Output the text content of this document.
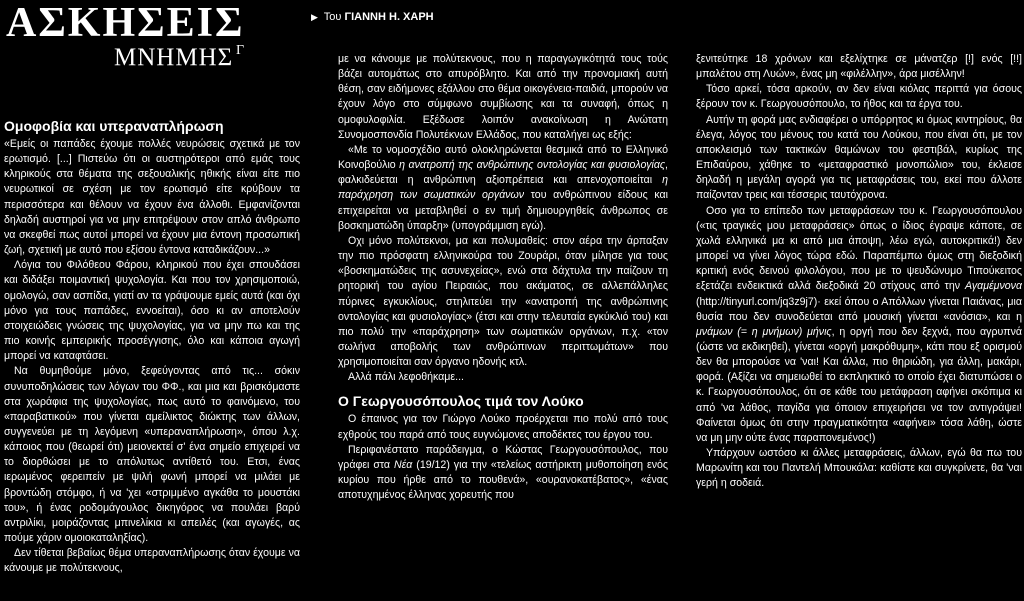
ΑΣΚΗΣΕΙΣ
ΜΝΗΜΗΣ Γ
▶ Του ΓΙΑΝΝΗ Η. ΧΑΡΗ
Ομοφοβία και υπεραναπλήρωση

«Εμείς οι παπάδες έχουμε πολλές νευρώσεις σχετικά με τον ερωτισμό. [...] Πιστεύω ότι οι αυστηρότεροι από εμάς τους κληρικούς στα θέματα της σεξουαλικής ηθικής είναι είτε πιο νευρωτικοί σε σχέση με τον ερωτισμό είτε κρύβουν τα περισσότερα και θέλουν να έχουν ένα άλλοθι. Εμφανίζονται δηλαδή αυστηροί για να μην επιτρέψουν στον απλό άνθρωπο να σκεφθεί πως αυτοί μπορεί να έχουν μια έντονη προσωπική ζωή, σχετική με αυτό που εξίσου έντονα καταδικάζουν...»

Λόγια του Φιλόθεου Φάρου, κληρικού που έχει σπουδάσει και διδάξει ποιμαντική ψυχολογία. Και που τον χρησιμοποιώ, ομολογώ, σαν ασπίδα, γιατί αν τα γράψουμε εμείς αυτά (και όχι μόνο για τους παπάδες, εννοείται), όσο κι αν αποτελούν στοιχειώδεις γνώσεις της ψυχολογίας, για να μην πω και της πιο κοινής εμπειρικής προσέγγισης, όλο και κάποια αγωγή μπορεί να καταφτάσει.

Να θυμηθούμε μόνο, ξεφεύγοντας από τις... σόκιν συνυποδηλώσεις των λόγων του ΦΦ., και μια και βρισκόμαστε στα χωράφια της ψυχολογίας, πως αυτό το φαινόμενο, του «παραβατικού» που γίνεται αμείλικτος διώκτης των άλλων, συγγενεύει με τη λεγόμενη «υπεραναπλήρωση», όπου λ.χ. κάποιος που (θεωρεί ότι) μειονεκτεί σ' ένα σημείο επιχειρεί να το διορθώσει με το απόλυτως αντίθετό του. Ετσι, ένας ιερωμένος φερειπείν με ψιλή φωνή μπορεί να μιλάει με βροντώδη στόμφο, ή να 'χει «στριμμένο αγκάθα το μουστάκι του», ή ένας ροδομάγουλος δικηγόρος να πουλάει βαρύ αντριλίκι, μοιράζοντας μπινελίκια κι απειλές (και αγωγές, ας πούμε χάριν ομοιοκαταληξίας).

Δεν τίθεται βεβαίως θέμα υπεραναπλήρωσης όταν έχουμε να κάνουμε με πολύτεκνους,

με να κάνουμε με πολύτεκνους, που η παραγωγικότητά τους τούς βάζει αυτομάτως στο απυρόβλητο. Και από την προνομιακή αυτή θέση, σαν ειδήμονες εξάλλου στο θέμα οικογένεια-παιδιά, μπορούν να έχουν λόγο στο σύμφωνο συμβίωσης και τα συναφή, όπως η ομοφυλοφιλία. Εξέδωσε λοιπόν ανακοίνωση η Ανώτατη Συνομοσπονδία Πολυτέκνων Ελλάδος, που καταλήγει ως εξής:

«Με το νομοσχέδιο αυτό ολοκληρώνεται θεσμικά από το Ελληνικό Κοινοβούλιο η ανατροπή της ανθρώπινης οντολογίας και φυσιολογίας, φαλκιδεύεται η ανθρώπινη αξιοπρέπεια και απενοχοποιείται η παράχρηση των σωματικών οργάνων του ανθρώπινου είδους και επιχειρείται να μεταβληθεί ο εν τιμή δημιουργηθείς άνθρωπος σε βοσκηματώδη ύπαρξη» (υπογράμμιση εγώ).

Οχι μόνο πολύτεκνοι, μα και πολυμαθείς: στον αέρα την άρπαξαν την πιο πρόσφατη ελληνικούρα του Ζουράρι, όταν μίλησε για τους «βοσκηματώδεις της ασυνεχείας», ενώ στα δάχτυλα την παίζουν τη ρητορική του αγίου Πειραιώς, που ακάματος, σε αλλεπάλληλες πύρινες εγκυκλίους, στηλιτεύει την «ανατροπή της ανθρώπινης οντολογίας και φυσιολογίας» (έτσι και στην τελευταία εγκύκλιό του) και πιο πολύ την «παράχρηση» των σωματικών οργάνων, π.χ. «τον σωλήνα αποβολής των ανθρώπινων περιττωμάτων» που χρησιμοποιείται σαν όργανο ηδονής κτλ.

Αλλά πάλι λεφοθήκαμε...

Ο Γεωργουσόπουλος τιμά τον Λούκο

Ο έπαινος για τον Γιώργο Λούκο προέρχεται πιο πολύ από τους εχθρούς του παρά από τους ευγνώμονες αποδέκτες του έργου του.

Περιφανέστατο παράδειγμα, ο Κώστας Γεωργουσόπουλος, που γράφει στα Νέα (19/12) για την «τελείως αστήρικτη μυθοποίηση ενός κυρίου που ήρθε από το πουθενά», «ουρανοκατέβατος», «ένας αποτυχημένος έλληνας χορευτής που

ξενιτεύτηκε 18 χρόνων και εξελίχτηκε σε μάνατζερ [!] ενός [!!] μπαλέτου στη Λυών», ένας μη «φιλέλλην», άρα μισέλλην!

Τόσο αρκεί, τόσα αρκούν, αν δεν είναι κιόλας περιττά για όσους ξέρουν τον κ. Γεωργουσόπουλο, το ήθος και τα έργα του.

Αυτήν τη φορά μας ενδιαφέρει ο υπόρρητος κι όμως κιντηρίους, θα έλεγα, λόγος του μένους του κατά του Λούκου, που είναι ότι, με τον αποκλεισμό των τακτικών θαμώνων του φεστιβάλ, κυρίως της Επιδαύρου, χάθηκε το «μεταφραστικό μονοπώλιο» του, έκλεισε δηλαδή η μεγάλη αγορά για τις μεταφράσεις του, εκεί που άλλοτε παίζονταν τρεις και τέσσερις ταυτόχρονα.

Οσο για το επίπεδο των μεταφράσεων του κ. Γεωργουσόπουλου («τις τραγικές μου μεταφράσεις» όπως ο ίδιος έγραψε κάποτε, σε χωλά ελληνικά μα κι από μια άποψη, λέω εγώ, αυτοκριτικά!) δεν μπορεί να γίνει λόγος τώρα εδώ. Παραπέμπω όμως στη διεξοδική κριτική ενός δεινού φιλολόγου, που με το ψευδώνυμο Τιπούκειτος εξετάζει ενδεικτικά αλλά διεξοδικά 20 στίχους από την Αγαμέμνονα (http://tinyurl.com/jq3z9j7)· εκεί όπου ο Απόλλων γίνεται Παιάνας, μια θυσία που δεν συνοδεύεται από μουσική γίνεται «ανόσια», και η μνάμων (= η μνήμων) μήνις, η οργή που δεν ξεχνά, που αγρυπνά (ώστε να εκδικηθεί), γίνεται «οργή μακρόθυμη», κάτι που εξ ορισμού δεν θα μπορούσε να 'ναι! Και άλλα, πιο θηριώδη, για άλλη, μακάρι, φορά. (Αξίζει να σημειωθεί το εκπληκτικό το οποίο έχει διατυπώσει ο κ. Γεωργουσόπουλος, ότι σε κάθε του μετάφραση αφήνει σκόπιμα κι από 'να λάθος, παγίδα για όποιον επιχειρήσει να τον αντιγράψει! Φαίνεται όμως ότι στην πραγματικότητα «αφήνει» τόσα λάθη, ώστε να μη μην ούτε ένας παραπονεμένος!)

Υπάρχουν ωστόσο κι άλλες μεταφράσεις, άλλων, εγώ θα πω του Μαρωνίτη και του Παντελή Μπουκάλα: καθίστε και συγκρίνετε, θα 'ναι γερή η σοδειά.
